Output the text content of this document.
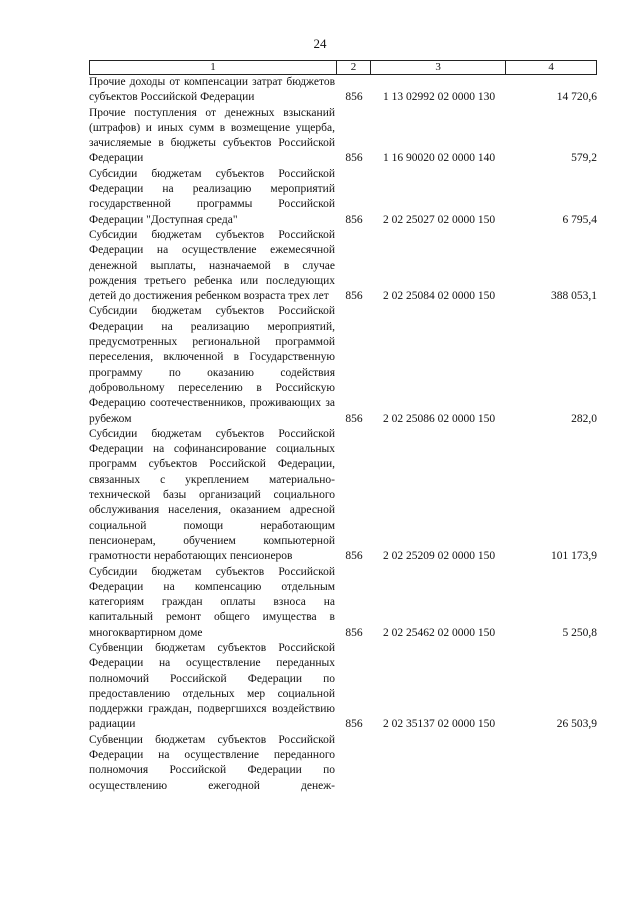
24
1	2	3	4
Прочие доходы от компенсации затрат бюджетов субъектов Российской Федерации	856	1 13 02992 02 0000 130	14 720,6
Прочие поступления от денежных взысканий (штрафов) и иных сумм в возмещение ущерба, зачисляемые в бюджеты субъектов Российской Федерации	856	1 16 90020 02 0000 140	579,2
Субсидии бюджетам субъектов Российской Федерации на реализацию мероприятий государственной программы Российской Федерации "Доступная среда"	856	2 02 25027 02 0000 150	6 795,4
Субсидии бюджетам субъектов Российской Федерации на осуществление ежемесячной денежной выплаты, назначаемой в случае рождения третьего ребенка или последующих детей до достижения ребенком возраста трех лет	856	2 02 25084 02 0000 150	388 053,1
Субсидии бюджетам субъектов Российской Федерации на реализацию мероприятий, предусмотренных региональной программой переселения, включенной в Государственную программу по оказанию содействия добровольному переселению в Российскую Федерацию соотечественников, проживающих за рубежом	856	2 02 25086 02 0000 150	282,0
Субсидии бюджетам субъектов Российской Федерации на софинансирование социальных программ субъектов Российской Федерации, связанных с укреплением материально-технической базы организаций социального обслуживания населения, оказанием адресной социальной помощи неработающим пенсионерам, обучением компьютерной грамотности неработающих пенсионеров	856	2 02 25209 02 0000 150	101 173,9
Субсидии бюджетам субъектов Российской Федерации на компенсацию отдельным категориям граждан оплаты взноса на капитальный ремонт общего имущества в многоквартирном доме	856	2 02 25462 02 0000 150	5 250,8
Субвенции бюджетам субъектов Российской Федерации на осуществление переданных полномочий Российской Федерации по предоставлению отдельных мер социальной поддержки граждан, подвергшихся воздействию радиации	856	2 02 35137 02 0000 150	26 503,9
Субвенции бюджетам субъектов Российской Федерации на осуществление переданного полномочия Российской Федерации по осуществлению ежегодной денеж-
